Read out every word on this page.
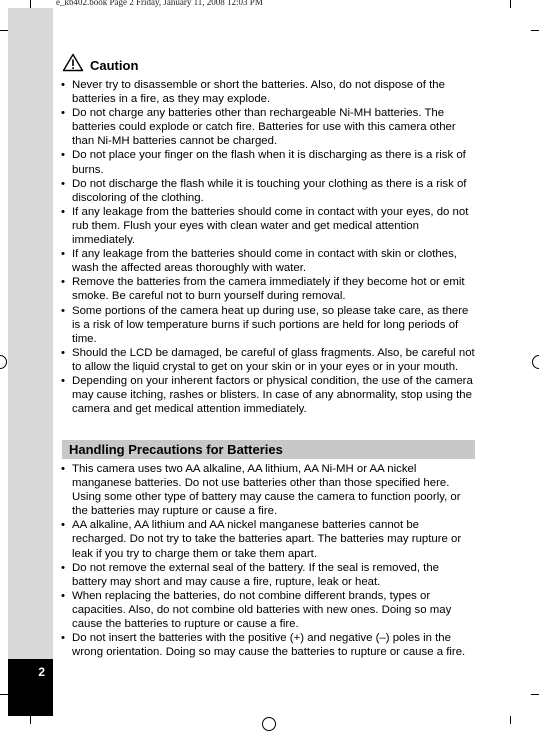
2
e_kb402.book Page 2 Friday, January 11, 2008 12:03 PM
Caution
• Never try to disassemble or short the batteries. Also, do not dispose of the batteries in a fire, as they may explode.
• Do not charge any batteries other than rechargeable Ni-MH batteries. The batteries could explode or catch fire. Batteries for use with this camera other than Ni-MH batteries cannot be charged.
• Do not place your finger on the flash when it is discharging as there is a risk of burns.
• Do not discharge the flash while it is touching your clothing as there is a risk of discoloring of the clothing.
• If any leakage from the batteries should come in contact with your eyes, do not rub them. Flush your eyes with clean water and get medical attention immediately.
• If any leakage from the batteries should come in contact with skin or clothes, wash the affected areas thoroughly with water.
• Remove the batteries from the camera immediately if they become hot or emit smoke. Be careful not to burn yourself during removal.
• Some portions of the camera heat up during use, so please take care, as there is a risk of low temperature burns if such portions are held for long periods of time.
• Should the LCD be damaged, be careful of glass fragments. Also, be careful not to allow the liquid crystal to get on your skin or in your eyes or in your mouth.
• Depending on your inherent factors or physical condition, the use of the camera may cause itching, rashes or blisters. In case of any abnormality, stop using the camera and get medical attention immediately.
Handling Precautions for Batteries
• This camera uses two AA alkaline, AA lithium, AA Ni-MH or AA nickel manganese batteries. Do not use batteries other than those specified here. Using some other type of battery may cause the camera to function poorly, or the batteries may rupture or cause a fire.
• AA alkaline, AA lithium and AA nickel manganese batteries cannot be recharged. Do not try to take the batteries apart. The batteries may rupture or leak if you try to charge them or take them apart.
• Do not remove the external seal of the battery. If the seal is removed, the battery may short and may cause a fire, rupture, leak or heat.
• When replacing the batteries, do not combine different brands, types or capacities. Also, do not combine old batteries with new ones. Doing so may cause the batteries to rupture or cause a fire.
• Do not insert the batteries with the positive (+) and negative (–) poles in the wrong orientation. Doing so may cause the batteries to rupture or cause a fire.
